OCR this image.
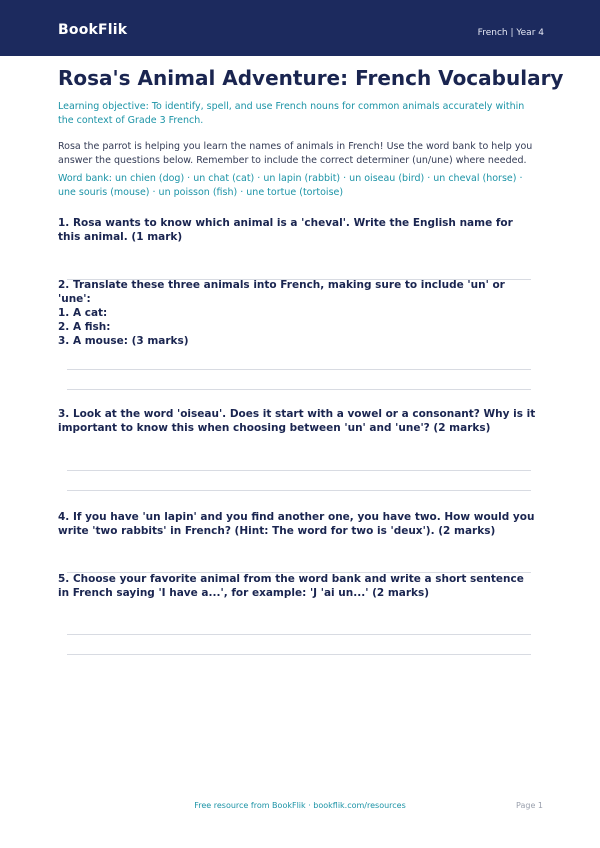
BookFlik	French | Year 4
Rosa's Animal Adventure: French Vocabulary
Learning objective: To identify, spell, and use French nouns for common animals accurately within the context of Grade 3 French.
Rosa the parrot is helping you learn the names of animals in French! Use the word bank to help you answer the questions below. Remember to include the correct determiner (un/une) where needed.
Word bank: un chien (dog) · un chat (cat) · un lapin (rabbit) · un oiseau (bird) · un cheval (horse) · une souris (mouse) · un poisson (fish) · une tortue (tortoise)
1. Rosa wants to know which animal is a 'cheval'. Write the English name for this animal. (1 mark)
2. Translate these three animals into French, making sure to include 'un' or 'une':
1. A cat:
2. A fish:
3. A mouse: (3 marks)
3. Look at the word 'oiseau'. Does it start with a vowel or a consonant? Why is it important to know this when choosing between 'un' and 'une'? (2 marks)
4. If you have 'un lapin' and you find another one, you have two. How would you write 'two rabbits' in French? (Hint: The word for two is 'deux'). (2 marks)
5. Choose your favorite animal from the word bank and write a short sentence in French saying 'I have a...', for example: 'J 'ai un...' (2 marks)
Free resource from BookFlik · bookflik.com/resources	Page 1
